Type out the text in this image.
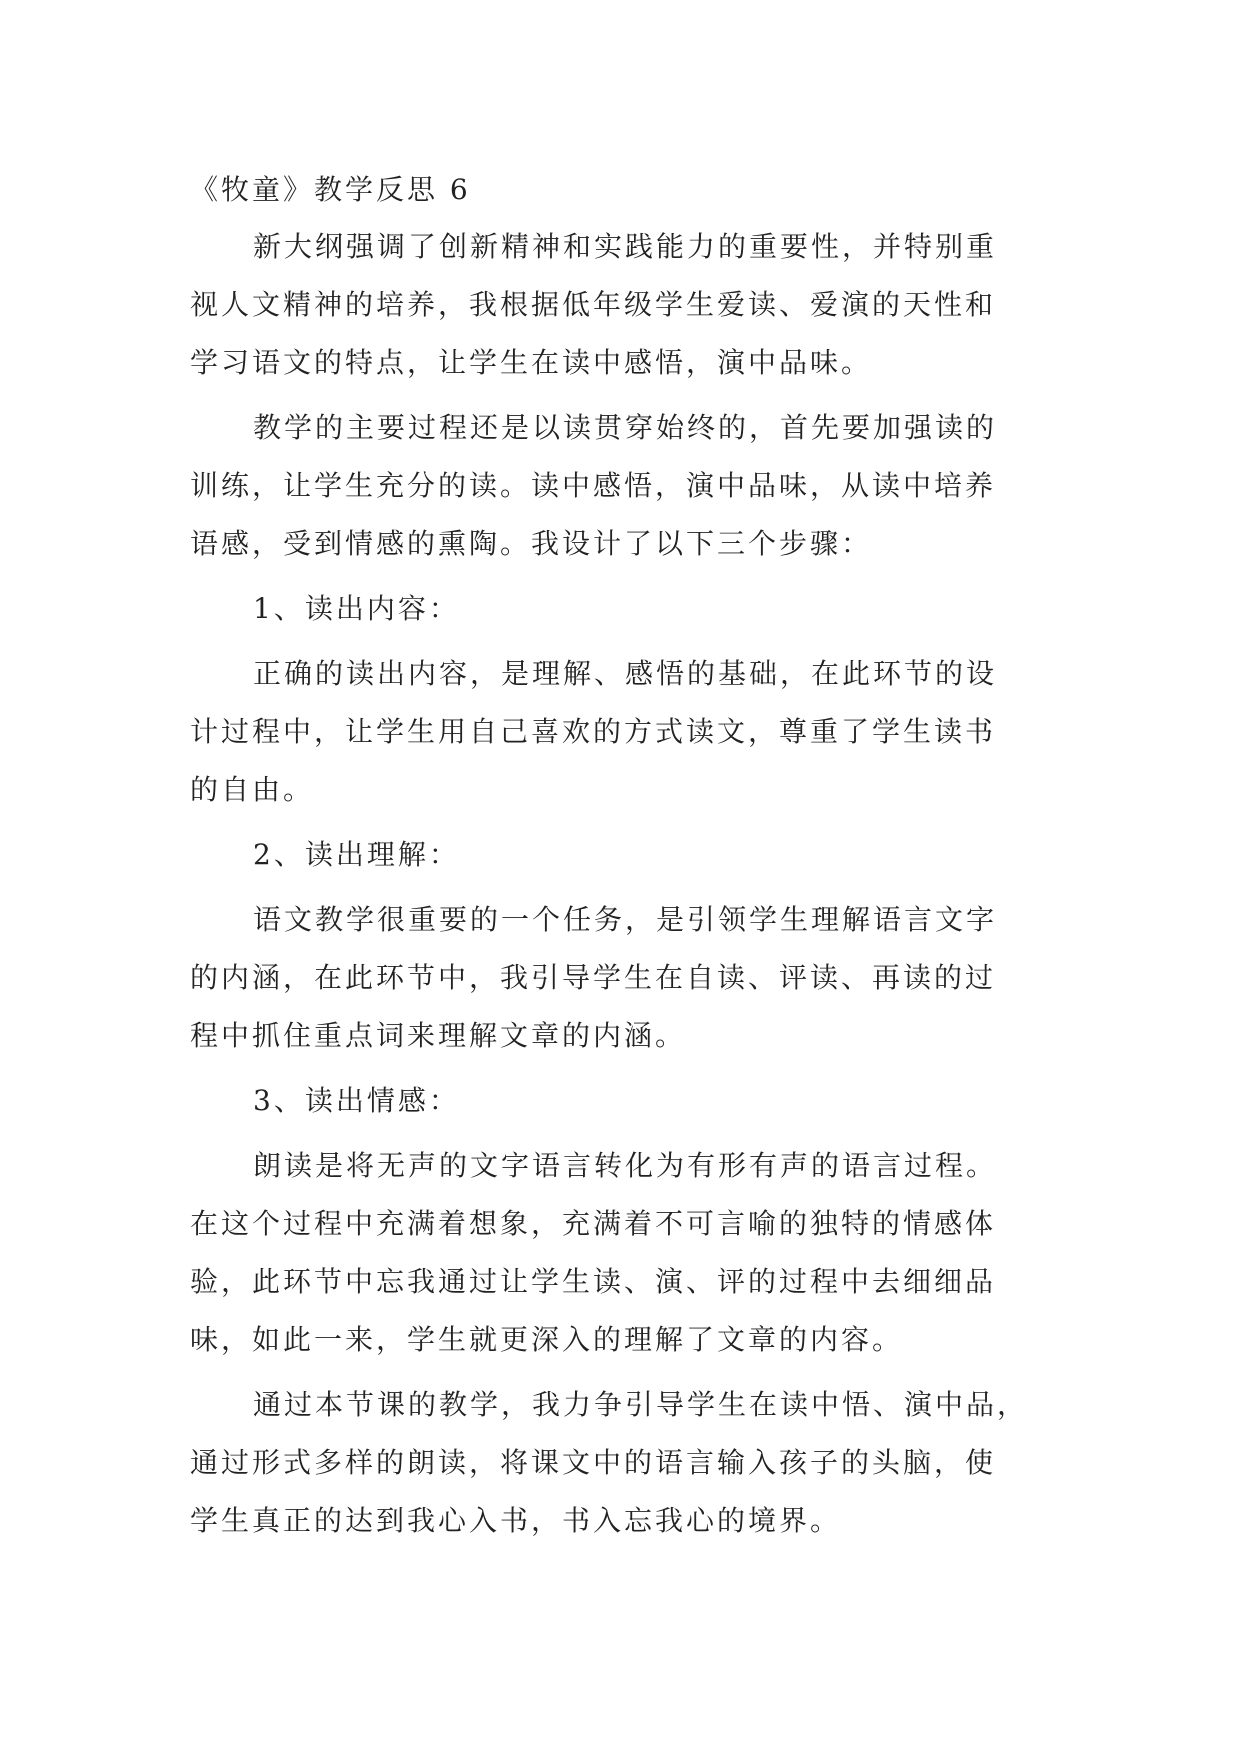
《牧童》教学反思 6
新大纲强调了创新精神和实践能力的重要性，并特别重
视人文精神的培养，我根据低年级学生爱读、爱演的天性和
学习语文的特点，让学生在读中感悟，演中品味。
教学的主要过程还是以读贯穿始终的，首先要加强读的
训练，让学生充分的读。读中感悟，演中品味，从读中培养
语感，受到情感的熏陶。我设计了以下三个步骤：
1、读出内容：
正确的读出内容，是理解、感悟的基础，在此环节的设
计过程中，让学生用自己喜欢的方式读文，尊重了学生读书
的自由。
2、读出理解：
语文教学很重要的一个任务，是引领学生理解语言文字
的内涵，在此环节中，我引导学生在自读、评读、再读的过
程中抓住重点词来理解文章的内涵。
3、读出情感：
朗读是将无声的文字语言转化为有形有声的语言过程。
在这个过程中充满着想象，充满着不可言喻的独特的情感体
验，此环节中忘我通过让学生读、演、评的过程中去细细品
味，如此一来，学生就更深入的理解了文章的内容。
通过本节课的教学，我力争引导学生在读中悟、演中品，
通过形式多样的朗读，将课文中的语言输入孩子的头脑，使
学生真正的达到我心入书，书入忘我心的境界。
